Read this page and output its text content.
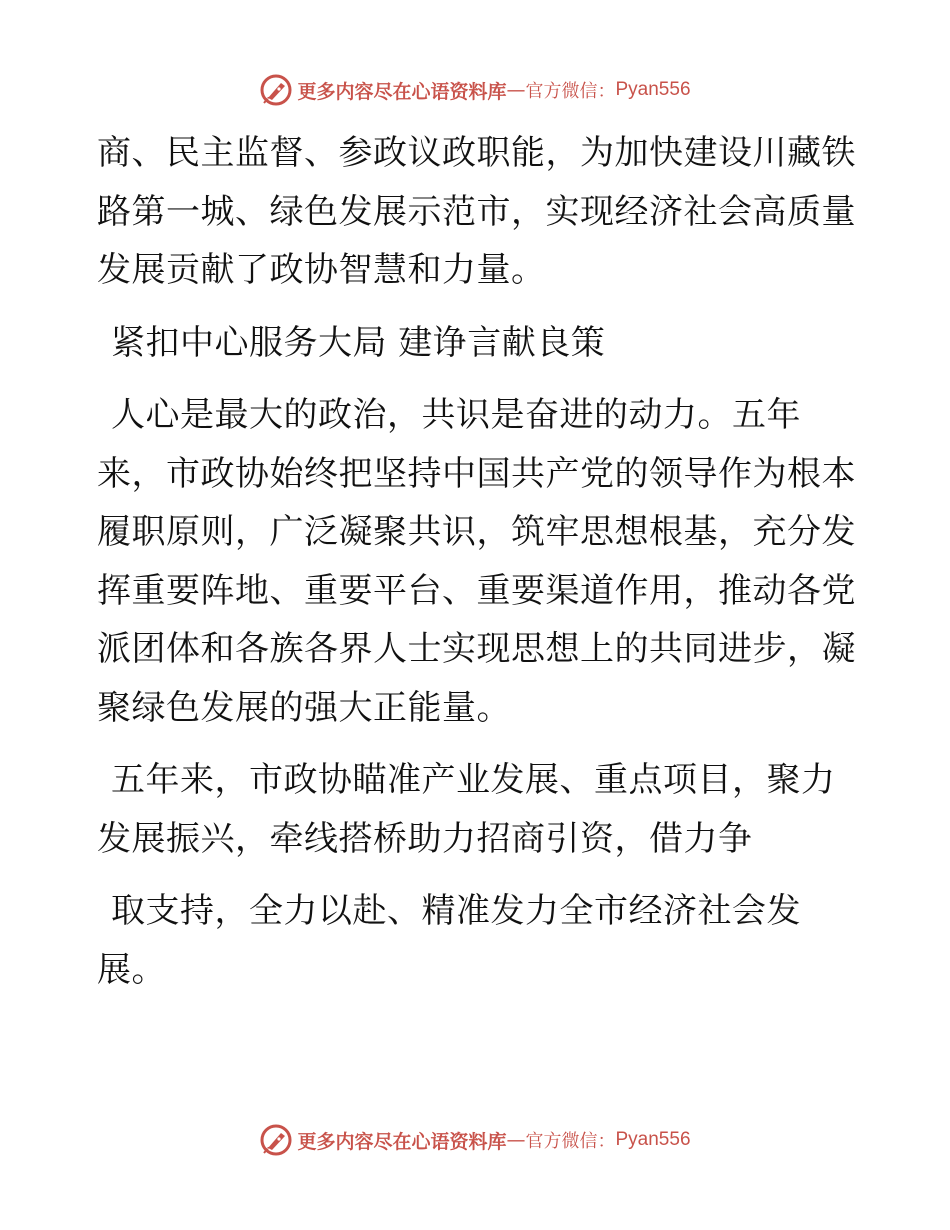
更多内容尽在心语资料库 — 官方微信： Pyan556
商、民主监督、参政议政职能，为加快建设川藏铁
路第一城、绿色发展示范市，实现经济社会高质量
发展贡献了政协智慧和力量。
紧扣中心服务大局 建诤言献良策
人心是最大的政治，共识是奋进的动力。五年
来，市政协始终把坚持中国共产党的领导作为根本
履职原则，广泛凝聚共识，筑牢思想根基，充分发
挥重要阵地、重要平台、重要渠道作用，推动各党
派团体和各族各界人士实现思想上的共同进步，凝
聚绿色发展的强大正能量。
五年来，市政协瞄准产业发展、重点项目，聚力
发展振兴，牵线搭桥助力招商引资，借力争
取支持，全力以赴、精准发力全市经济社会发
展。
更多内容尽在心语资料库 — 官方微信： Pyan556
